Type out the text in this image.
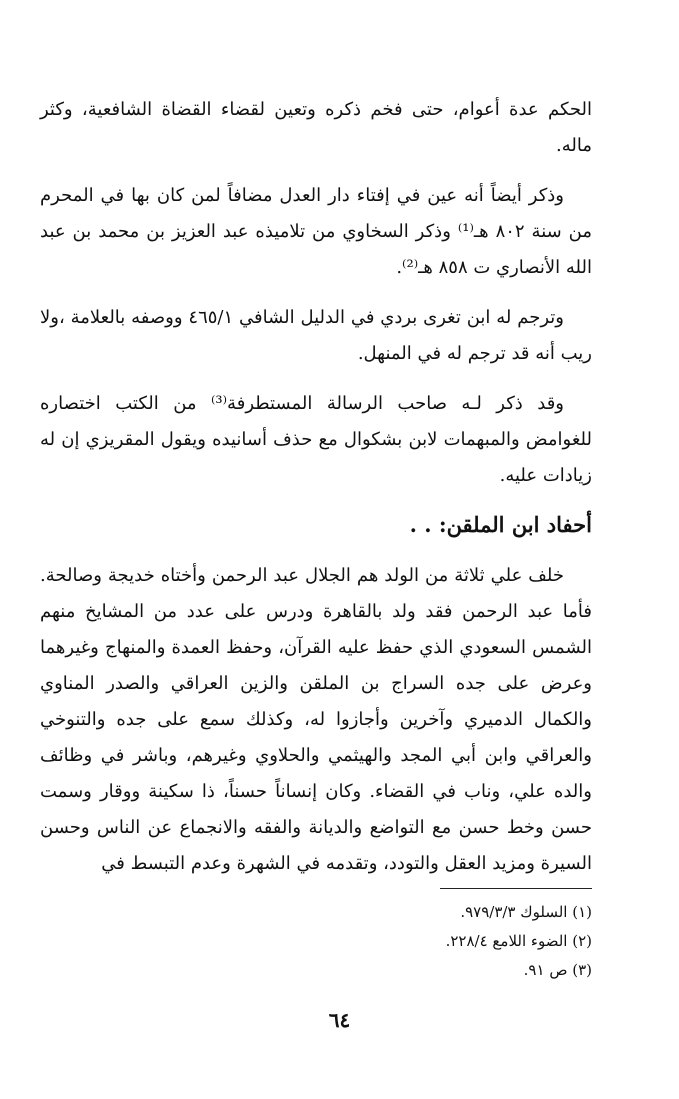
الحكم عدة أعوام، حتى فخم ذكره وتعين لقضاء القضاة الشافعية، وكثر ماله.

وذكر أيضاً أنه عين في إفتاء دار العدل مضافاً لمن كان بها في المحرم من سنة ٨٠٢ هـ⁽¹⁾ وذكر السخاوي من تلاميذه عبد العزيز بن محمد بن عبد الله الأنصاري ت ٨٥٨ هـ⁽²⁾.

وترجم له ابن تغرى بردي في الدليل الشافي ٤٦٥/١ ووصفه بالعلامة ،ولا ريب أنه قد ترجم له في المنهل.

وقد ذكر لـه صاحب الرسالة المستطرفة⁽³⁾ من الكتب اختصاره للغوامض والمبهمات لابن بشكوال مع حذف أسانيده ويقول المقريزي إن له زيادات عليه.

أحفاد ابن الملقن: . .

خلف علي ثلاثة من الولد هم الجلال عبد الرحمن وأختاه خديجة وصالحة. فأما عبد الرحمن فقد ولد بالقاهرة ودرس على عدد من المشايخ منهم الشمس السعودي الذي حفظ عليه القرآن، وحفظ العمدة والمنهاج وغيرهما وعرض على جده السراج بن الملقن والزين العراقي والصدر المناوي والكمال الدميري وآخرين وأجازوا له، وكذلك سمع على جده والتنوخي والعراقي وابن أبي المجد والهيثمي والحلاوي وغيرهم، وباشر في وظائف والده علي، وناب في القضاء. وكان إنساناً حسناً، ذا سكينة ووقار وسمت حسن وخط حسن مع التواضع والديانة والفقه والانجماع عن الناس وحسن السيرة ومزيد العقل والتودد، وتقدمه في الشهرة وعدم التبسط في

(١) السلوك ٩٧٩/٣/٣.

(٢) الضوء اللامع ٢٢٨/٤.

(٣) ص ٩١.

٦٤
